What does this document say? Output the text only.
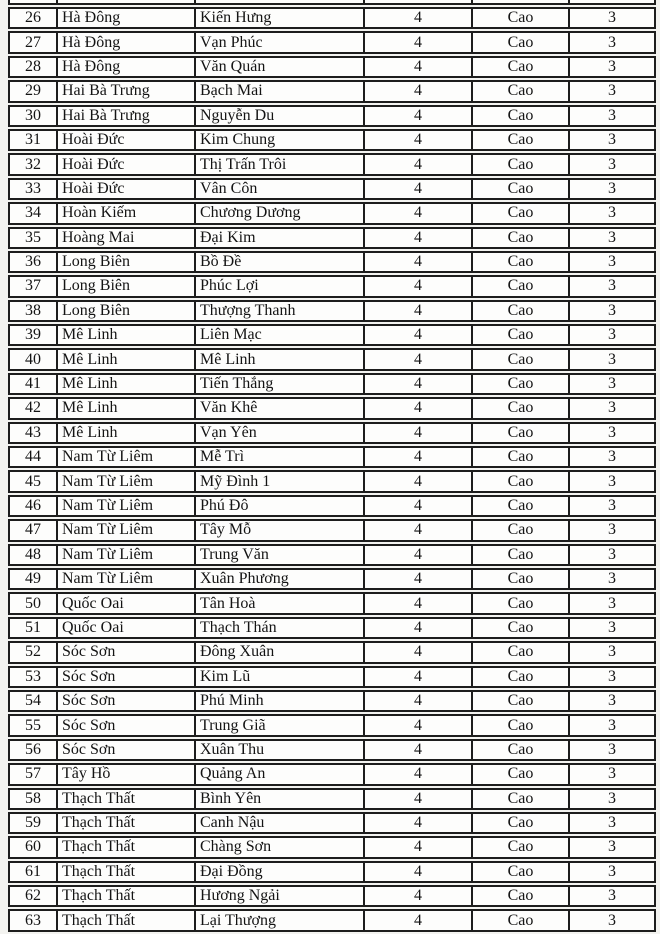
26	Hà Đông	Kiến Hưng	4	Cao	3
27	Hà Đông	Vạn Phúc	4	Cao	3
28	Hà Đông	Văn Quán	4	Cao	3
29	Hai Bà Trưng	Bạch Mai	4	Cao	3
30	Hai Bà Trưng	Nguyễn Du	4	Cao	3
31	Hoài Đức	Kim Chung	4	Cao	3
32	Hoài Đức	Thị Trấn Trôi	4	Cao	3
33	Hoài Đức	Vân Côn	4	Cao	3
34	Hoàn Kiếm	Chương Dương	4	Cao	3
35	Hoàng Mai	Đại Kim	4	Cao	3
36	Long Biên	Bồ Đề	4	Cao	3
37	Long Biên	Phúc Lợi	4	Cao	3
38	Long Biên	Thượng Thanh	4	Cao	3
39	Mê Linh	Liên Mạc	4	Cao	3
40	Mê Linh	Mê Linh	4	Cao	3
41	Mê Linh	Tiến Thắng	4	Cao	3
42	Mê Linh	Văn Khê	4	Cao	3
43	Mê Linh	Vạn Yên	4	Cao	3
44	Nam Từ Liêm	Mễ Trì	4	Cao	3
45	Nam Từ Liêm	Mỹ Đình 1	4	Cao	3
46	Nam Từ Liêm	Phú Đô	4	Cao	3
47	Nam Từ Liêm	Tây Mỗ	4	Cao	3
48	Nam Từ Liêm	Trung Văn	4	Cao	3
49	Nam Từ Liêm	Xuân Phương	4	Cao	3
50	Quốc Oai	Tân Hoà	4	Cao	3
51	Quốc Oai	Thạch Thán	4	Cao	3
52	Sóc Sơn	Đông Xuân	4	Cao	3
53	Sóc Sơn	Kim Lũ	4	Cao	3
54	Sóc Sơn	Phú Minh	4	Cao	3
55	Sóc Sơn	Trung Giã	4	Cao	3
56	Sóc Sơn	Xuân Thu	4	Cao	3
57	Tây Hồ	Quảng An	4	Cao	3
58	Thạch Thất	Bình Yên	4	Cao	3
59	Thạch Thất	Canh Nậu	4	Cao	3
60	Thạch Thất	Chàng Sơn	4	Cao	3
61	Thạch Thất	Đại Đồng	4	Cao	3
62	Thạch Thất	Hương Ngải	4	Cao	3
63	Thạch Thất	Lại Thượng	4	Cao	3
